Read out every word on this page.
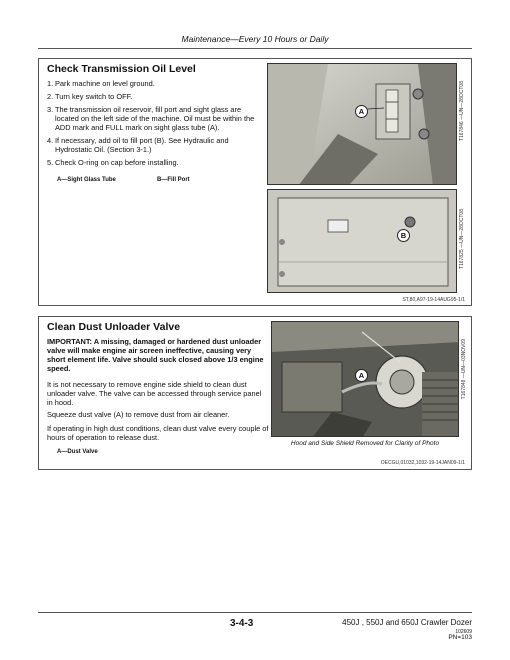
Maintenance—Every 10 Hours or Daily
Check Transmission Oil Level
1. Park machine on level ground.
2. Turn key switch to OFF.
3. The transmission oil reservoir, fill port and sight glass are located on the left side of the machine. Oil must be within the ADD mark and FULL mark on sight glass tube (A).
4. If necessary, add oil to fill port (B). See Hydraulic and Hydrostatic Oil. (Section 3-1.)
5. Check O-ring on cap before installing.
A—Sight Glass Tube	B—Fill Port
A	T167846 —UN—28OCT08
B	T167825 —UN—28OCT08
ST,80,A97-19-14AUG95-1/1
Clean Dust Unloader Valve
IMPORTANT: A missing, damaged or hardened dust unloader valve will make engine air screen ineffective, causing very short element life. Valve should suck closed above 1/3 engine speed.
It is not necessary to remove engine side shield to clean dust unloader valve. The valve can be accessed through service panel in hood.
Squeeze dust valve (A) to remove dust from air cleaner.
If operating in high dust conditions, clean dust valve every couple of hours of operation to release dust.
A—Dust Valve
A	T167848 —UN—03NOV09
Hood and Side Shield Removed for Clarity of Photo
OECGU,01032,1032-19-14JAN09-1/1
3-4-3	450J , 550J and 650J Crawler Dozer
102609
PN=103
